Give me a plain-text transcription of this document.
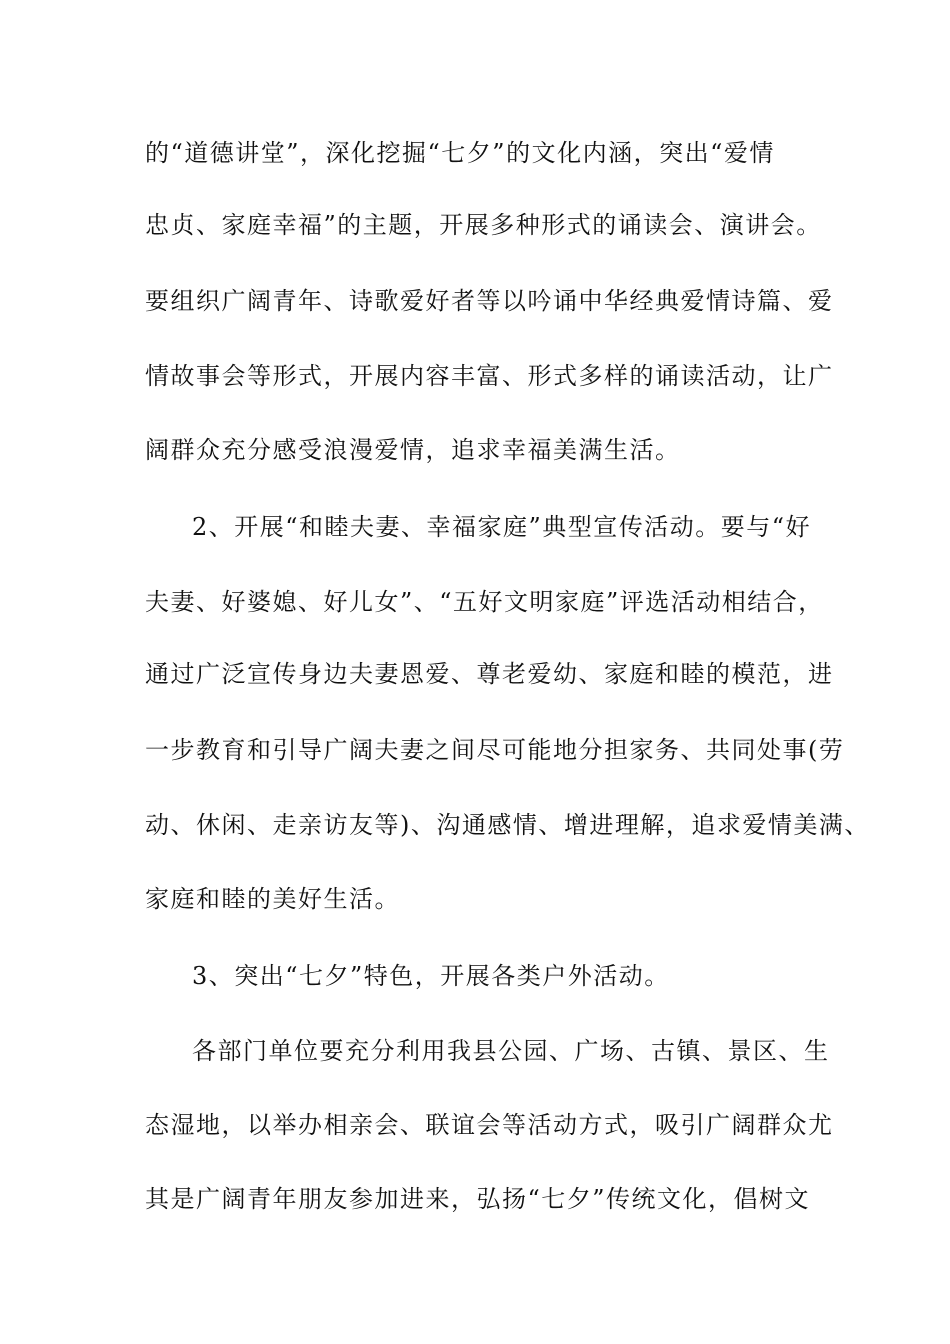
的“道德讲堂”，深化挖掘“七夕”的文化内涵，突出“爱情
忠贞、家庭幸福”的主题，开展多种形式的诵读会、演讲会。
要组织广阔青年、诗歌爱好者等以吟诵中华经典爱情诗篇、爱
情故事会等形式，开展内容丰富、形式多样的诵读活动，让广
阔群众充分感受浪漫爱情，追求幸福美满生活。
2、开展“和睦夫妻、幸福家庭”典型宣传活动。要与“好
夫妻、好婆媳、好儿女”、“五好文明家庭”评选活动相结合，
通过广泛宣传身边夫妻恩爱、尊老爱幼、家庭和睦的模范，进
一步教育和引导广阔夫妻之间尽可能地分担家务、共同处事(劳
动、休闲、走亲访友等)、沟通感情、增进理解，追求爱情美满、
家庭和睦的美好生活。
3、突出“七夕”特色，开展各类户外活动。
各部门单位要充分利用我县公园、广场、古镇、景区、生
态湿地，以举办相亲会、联谊会等活动方式，吸引广阔群众尤
其是广阔青年朋友参加进来，弘扬“七夕”传统文化，倡树文
